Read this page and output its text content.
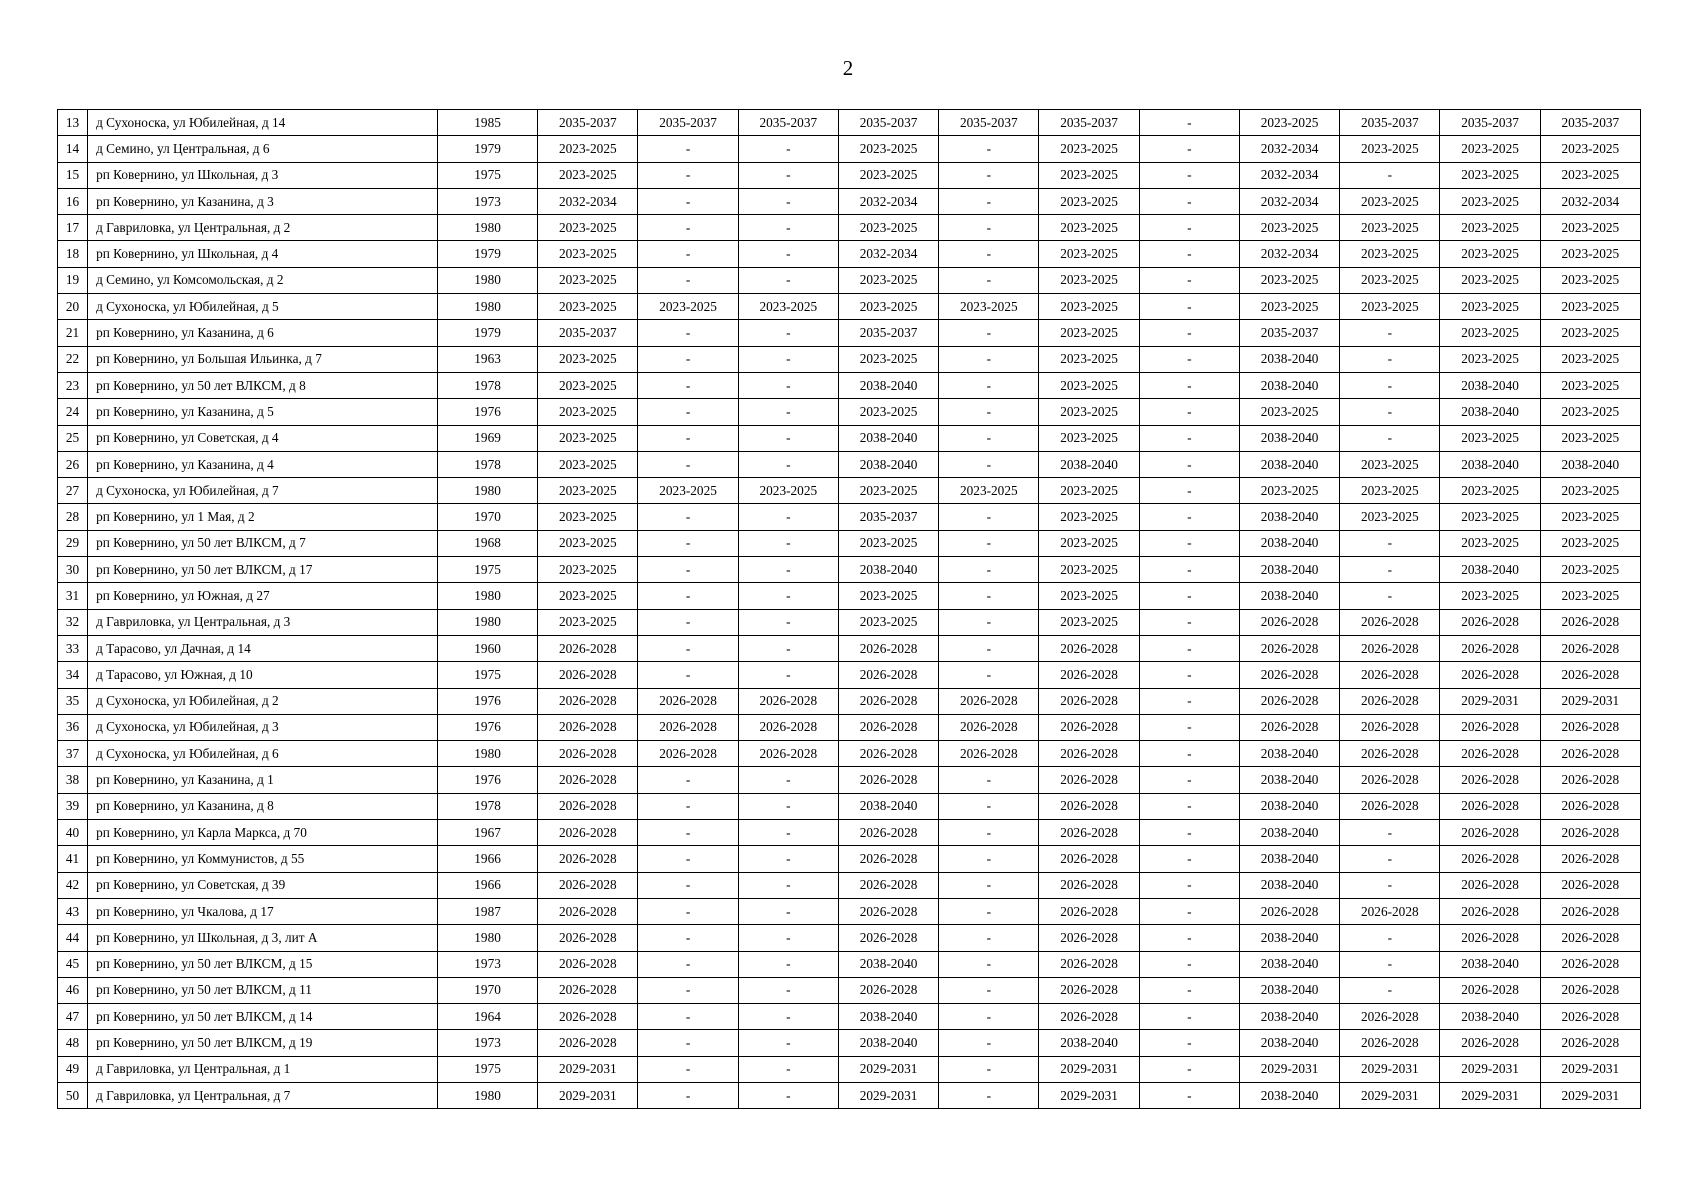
2
13	д Сухоноска, ул Юбилейная, д 14	1985	2035-2037	2035-2037	2035-2037	2035-2037	2035-2037	2035-2037	-	2023-2025	2035-2037	2035-2037	2035-2037
14	д Семино, ул Центральная, д 6	1979	2023-2025	-	-	2023-2025	-	2023-2025	-	2032-2034	2023-2025	2023-2025	2023-2025
15	рп Ковернино, ул Школьная, д 3	1975	2023-2025	-	-	2023-2025	-	2023-2025	-	2032-2034	-	2023-2025	2023-2025
16	рп Ковернино, ул Казанина, д 3	1973	2032-2034	-	-	2032-2034	-	2023-2025	-	2032-2034	2023-2025	2023-2025	2032-2034
17	д Гавриловка, ул Центральная, д 2	1980	2023-2025	-	-	2023-2025	-	2023-2025	-	2023-2025	2023-2025	2023-2025	2023-2025
18	рп Ковернино, ул Школьная, д 4	1979	2023-2025	-	-	2032-2034	-	2023-2025	-	2032-2034	2023-2025	2023-2025	2023-2025
19	д Семино, ул Комсомольская, д 2	1980	2023-2025	-	-	2023-2025	-	2023-2025	-	2023-2025	2023-2025	2023-2025	2023-2025
20	д Сухоноска, ул Юбилейная, д 5	1980	2023-2025	2023-2025	2023-2025	2023-2025	2023-2025	2023-2025	-	2023-2025	2023-2025	2023-2025	2023-2025
21	рп Ковернино, ул Казанина, д 6	1979	2035-2037	-	-	2035-2037	-	2023-2025	-	2035-2037	-	2023-2025	2023-2025
22	рп Ковернино, ул Большая Ильинка, д 7	1963	2023-2025	-	-	2023-2025	-	2023-2025	-	2038-2040	-	2023-2025	2023-2025
23	рп Ковернино, ул 50 лет ВЛКСМ, д 8	1978	2023-2025	-	-	2038-2040	-	2023-2025	-	2038-2040	-	2038-2040	2023-2025
24	рп Ковернино, ул Казанина, д 5	1976	2023-2025	-	-	2023-2025	-	2023-2025	-	2023-2025	-	2038-2040	2023-2025
25	рп Ковернино, ул Советская, д 4	1969	2023-2025	-	-	2038-2040	-	2023-2025	-	2038-2040	-	2023-2025	2023-2025
26	рп Ковернино, ул Казанина, д 4	1978	2023-2025	-	-	2038-2040	-	2038-2040	-	2038-2040	2023-2025	2038-2040	2038-2040
27	д Сухоноска, ул Юбилейная, д 7	1980	2023-2025	2023-2025	2023-2025	2023-2025	2023-2025	2023-2025	-	2023-2025	2023-2025	2023-2025	2023-2025
28	рп Ковернино, ул 1 Мая, д 2	1970	2023-2025	-	-	2035-2037	-	2023-2025	-	2038-2040	2023-2025	2023-2025	2023-2025
29	рп Ковернино, ул 50 лет ВЛКСМ, д 7	1968	2023-2025	-	-	2023-2025	-	2023-2025	-	2038-2040	-	2023-2025	2023-2025
30	рп Ковернино, ул 50 лет ВЛКСМ, д 17	1975	2023-2025	-	-	2038-2040	-	2023-2025	-	2038-2040	-	2038-2040	2023-2025
31	рп Ковернино, ул Южная, д 27	1980	2023-2025	-	-	2023-2025	-	2023-2025	-	2038-2040	-	2023-2025	2023-2025
32	д Гавриловка, ул Центральная, д 3	1980	2023-2025	-	-	2023-2025	-	2023-2025	-	2026-2028	2026-2028	2026-2028	2026-2028
33	д Тарасово, ул Дачная, д 14	1960	2026-2028	-	-	2026-2028	-	2026-2028	-	2026-2028	2026-2028	2026-2028	2026-2028
34	д Тарасово, ул Южная, д 10	1975	2026-2028	-	-	2026-2028	-	2026-2028	-	2026-2028	2026-2028	2026-2028	2026-2028
35	д Сухоноска, ул Юбилейная, д 2	1976	2026-2028	2026-2028	2026-2028	2026-2028	2026-2028	2026-2028	-	2026-2028	2026-2028	2029-2031	2029-2031
36	д Сухоноска, ул Юбилейная, д 3	1976	2026-2028	2026-2028	2026-2028	2026-2028	2026-2028	2026-2028	-	2026-2028	2026-2028	2026-2028	2026-2028
37	д Сухоноска, ул Юбилейная, д 6	1980	2026-2028	2026-2028	2026-2028	2026-2028	2026-2028	2026-2028	-	2038-2040	2026-2028	2026-2028	2026-2028
38	рп Ковернино, ул Казанина, д 1	1976	2026-2028	-	-	2026-2028	-	2026-2028	-	2038-2040	2026-2028	2026-2028	2026-2028
39	рп Ковернино, ул Казанина, д 8	1978	2026-2028	-	-	2038-2040	-	2026-2028	-	2038-2040	2026-2028	2026-2028	2026-2028
40	рп Ковернино, ул Карла Маркса, д 70	1967	2026-2028	-	-	2026-2028	-	2026-2028	-	2038-2040	-	2026-2028	2026-2028
41	рп Ковернино, ул Коммунистов, д 55	1966	2026-2028	-	-	2026-2028	-	2026-2028	-	2038-2040	-	2026-2028	2026-2028
42	рп Ковернино, ул Советская, д 39	1966	2026-2028	-	-	2026-2028	-	2026-2028	-	2038-2040	-	2026-2028	2026-2028
43	рп Ковернино, ул Чкалова, д 17	1987	2026-2028	-	-	2026-2028	-	2026-2028	-	2026-2028	2026-2028	2026-2028	2026-2028
44	рп Ковернино, ул Школьная, д 3, лит А	1980	2026-2028	-	-	2026-2028	-	2026-2028	-	2038-2040	-	2026-2028	2026-2028
45	рп Ковернино, ул 50 лет ВЛКСМ, д 15	1973	2026-2028	-	-	2038-2040	-	2026-2028	-	2038-2040	-	2038-2040	2026-2028
46	рп Ковернино, ул 50 лет ВЛКСМ, д 11	1970	2026-2028	-	-	2026-2028	-	2026-2028	-	2038-2040	-	2026-2028	2026-2028
47	рп Ковернино, ул 50 лет ВЛКСМ, д 14	1964	2026-2028	-	-	2038-2040	-	2026-2028	-	2038-2040	2026-2028	2038-2040	2026-2028
48	рп Ковернино, ул 50 лет ВЛКСМ, д 19	1973	2026-2028	-	-	2038-2040	-	2038-2040	-	2038-2040	2026-2028	2026-2028	2026-2028
49	д Гавриловка, ул Центральная, д 1	1975	2029-2031	-	-	2029-2031	-	2029-2031	-	2029-2031	2029-2031	2029-2031	2029-2031
50	д Гавриловка, ул Центральная, д 7	1980	2029-2031	-	-	2029-2031	-	2029-2031	-	2038-2040	2029-2031	2029-2031	2029-2031
